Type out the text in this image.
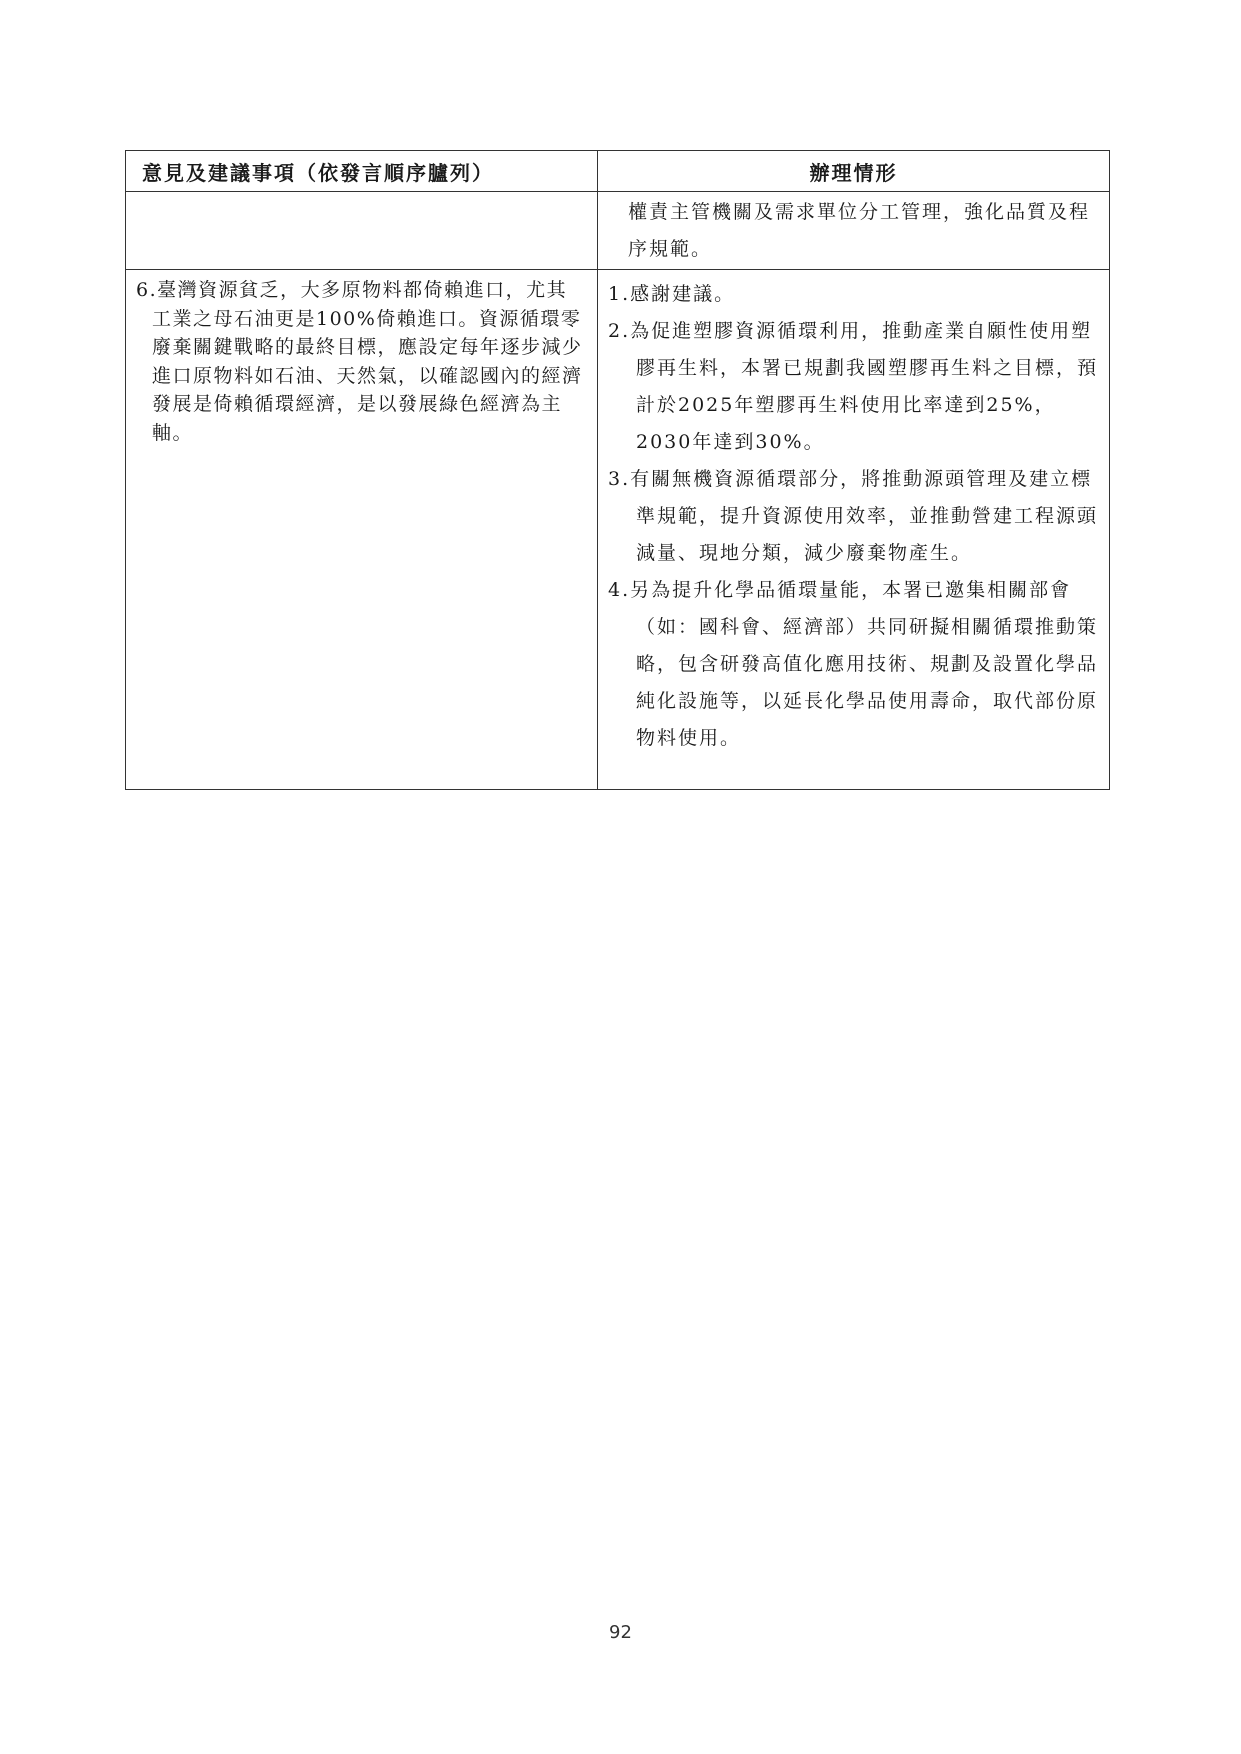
意見及建議事項（依發言順序臚列）	辦理情形
權責主管機關及需求單位分工管理，強化品質及程序規範。

6.臺灣資源貧乏，大多原物料都倚賴進口，尤其工業之母石油更是100%倚賴進口。資源循環零廢棄關鍵戰略的最終目標，應設定每年逐步減少進口原物料如石油、天然氣，以確認國內的經濟發展是倚賴循環經濟，是以發展綠色經濟為主軸。

1.感謝建議。

2.為促進塑膠資源循環利用，推動產業自願性使用塑膠再生料，本署已規劃我國塑膠再生料之目標，預計於2025年塑膠再生料使用比率達到25%，2030年達到30%。

3.有關無機資源循環部分，將推動源頭管理及建立標準規範，提升資源使用效率，並推動營建工程源頭減量、現地分類，減少廢棄物產生。

4.另為提升化學品循環量能，本署已邀集相關部會（如：國科會、經濟部）共同研擬相關循環推動策略，包含研發高值化應用技術、規劃及設置化學品純化設施等，以延長化學品使用壽命，取代部份原物料使用。

92
